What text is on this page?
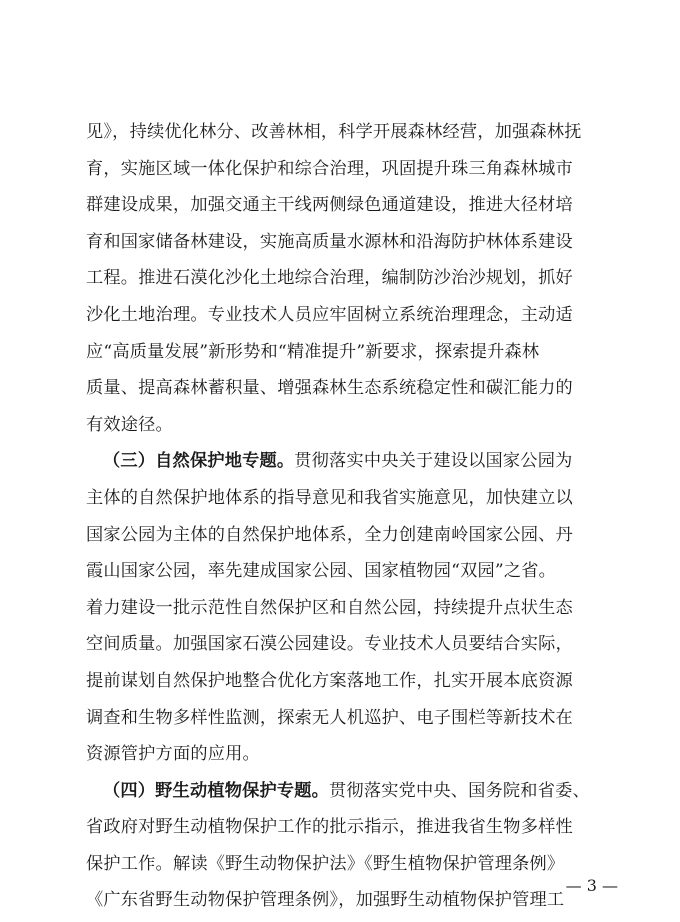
见》，持续优化林分、改善林相，科学开展森林经营，加强森林抚
育，实施区域一体化保护和综合治理，巩固提升珠三角森林城市
群建设成果，加强交通主干线两侧绿色通道建设，推进大径材培
育和国家储备林建设，实施高质量水源林和沿海防护林体系建设
工程。推进石漠化沙化土地综合治理，编制防沙治沙规划，抓好
沙化土地治理。专业技术人员应牢固树立系统治理理念，主动适
应“高质量发展”新形势和“精准提升”新要求，探索提升森林
质量、提高森林蓄积量、增强森林生态系统稳定性和碳汇能力的
有效途径。
（三）自然保护地专题。贯彻落实中央关于建设以国家公园为
主体的自然保护地体系的指导意见和我省实施意见，加快建立以
国家公园为主体的自然保护地体系，全力创建南岭国家公园、丹
霞山国家公园，率先建成国家公园、国家植物园“双园”之省。
着力建设一批示范性自然保护区和自然公园，持续提升点状生态
空间质量。加强国家石漠公园建设。专业技术人员要结合实际，
提前谋划自然保护地整合优化方案落地工作，扎实开展本底资源
调查和生物多样性监测，探索无人机巡护、电子围栏等新技术在
资源管护方面的应用。
（四）野生动植物保护专题。贯彻落实党中央、国务院和省委、
省政府对野生动植物保护工作的批示指示，推进我省生物多样性
保护工作。解读《野生动物保护法》《野生植物保护管理条例》
《广东省野生动物保护管理条例》，加强野生动植物保护管理工
— 3 —
